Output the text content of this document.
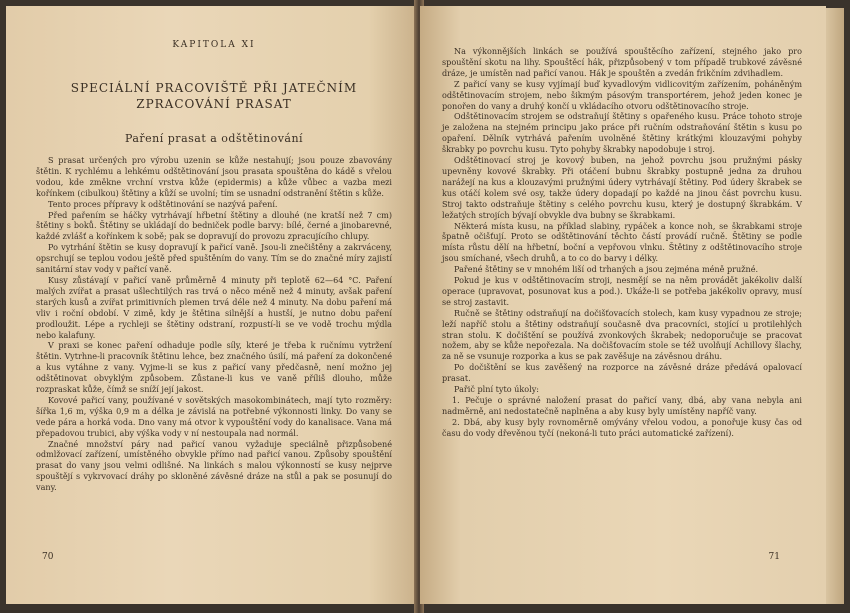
KAPITOLA XI
SPECIÁLNÍ PRACOVIŠTĚ PŘI JATEČNÍM ZPRACOVÁNÍ PRASAT
Paření prasat a odštětinování

S prasat určených pro výrobu uzenin se kůže nestahují; jsou pouze zbavovány štětin. K rychlému a lehkému odštětinování jsou prasata spouštěna do kádě s vřelou vodou, kde změkne vrchní vrstva kůže (epidermis) a kůže vůbec a vazba mezi kořínkem (cibulkou) štětiny a kůží se uvolní; tím se usnadní odstranění štětin s kůže.

Tento proces přípravy k odštětinování se nazývá paření.

Před pařením se háčky vytrhávají hřbetní štětiny a dlouhé (ne kratší než 7 cm) štětiny s boků. Štětiny se ukládají do bedniček podle barvy: bílé, černé a jinobarevné, každé zvlášť a kořínkem k sobě; pak se dopravují do provozu zpracujícího chlupy.

Po vytrhání štětin se kusy dopravují k pařicí vaně. Jsou-li znečištěny a zakrváceny, opsrchují se teplou vodou ještě před spuštěním do vany. Tím se do značné míry zajistí sanitární stav vody v pařicí vaně.

Kusy zůstávají v pařicí vaně průměrně 4 minuty při teplotě 62—64 °C. Paření malých zvířat a prasat ušlechtilých ras trvá o něco méně než 4 minuty, avšak paření starých kusů a zvířat primitivních plemen trvá déle než 4 minuty. Na dobu paření má vliv i roční období. V zimě, kdy je štětina silnější a hustší, je nutno dobu paření prodloužit. Lépe a rychleji se štětiny odstraní, rozpustí-li se ve vodě trochu mýdla nebo kalafuny.

V praxi se konec paření odhaduje podle síly, které je třeba k ručnímu vytržení štětin. Vytrhne-li pracovník štětinu lehce, bez značného úsilí, má paření za dokončené a kus vytáhne z vany. Vyjme-li se kus z pařicí vany předčasně, není možno jej odštětinovat obvyklým způsobem. Zůstane-li kus ve vaně příliš dlouho, může rozpraskat kůže, čímž se sníží její jakost.

Kovové pařicí vany, používané v sovětských masokombinátech, mají tyto rozměry: šířka 1,6 m, výška 0,9 m a délka je závislá na potřebné výkonnosti linky. Do vany se vede pára a horká voda. Dno vany má otvor k vypouštění vody do kanalisace. Vana má přepadovou trubici, aby výška vody v ní nestoupala nad normál.

Značné množství páry nad pařicí vanou vyžaduje speciálně přizpůsobené odmlžovací zařízení, umístěného obvykle přímo nad pařicí vanou. Způsoby spouštění prasat do vany jsou velmi odlišné. Na linkách s malou výkonností se kusy nejprve spouštějí s vykrvovací dráhy po skloněné závěsné dráze na stůl a pak se posunují do vany.

70

Na výkonnějších linkách se používá spouštěcího zařízení, stejného jako pro spouštění skotu na lihy. Spouštěcí hák, přizpůsobený v tom případě trubkové závěsné dráze, je umístěn nad pařicí vanou. Hák je spouštěn a zvedán frikčním zdvihadlem.

Z pařicí vany se kusy vyjímají buď kyvadlovým vidlicovitým zařízením, poháněným odštětinovacím strojem, nebo šikmým pásovým transportérem, jehož jeden konec je ponořen do vany a druhý končí u vkládacího otvoru odštětinovacího stroje.

Odštětinovacím strojem se odstraňují štětiny s opařeného kusu. Práce tohoto stroje je založena na stejném principu jako práce při ručním odstraňování štětin s kusu po opaření. Dělník vytrhává pařením uvolněné štětiny krátkými klouzavými pohyby škrabky po povrchu kusu. Tyto pohyby škrabky napodobuje i stroj.

Odštětinovací stroj je kovový buben, na jehož povrchu jsou pružnými pásky upevněny kovové škrabky. Při otáčení bubnu škrabky postupně jedna za druhou narážejí na kus a klouzavými pružnými údery vytrhávají štětiny. Pod údery škrabek se kus otáčí kolem své osy, takže údery dopadají po každé na jinou část povrchu kusu. Stroj takto odstraňuje štětiny s celého povrchu kusu, který je dostupný škrabkám. V ležatých strojích bývají obvykle dva bubny se škrabkami.

Některá místa kusu, na příklad slabiny, rypáček a konce noh, se škrabkami stroje špatně očišťují. Proto se odštětinování těchto částí provádí ručně. Štětiny se podle místa růstu dělí na hřbetní, boční a vepřovou vlnku. Štětiny z odštětinovacího stroje jsou smíchané, všech druhů, a to co do barvy i délky.

Pařené štětiny se v mnohém liší od trhaných a jsou zejména méně pružné.

Pokud je kus v odštětinovacím stroji, nesmějí se na něm provádět jakékoliv další operace (upravovat, posunovat kus a pod.). Ukáže-li se potřeba jakékoliv opravy, musí se stroj zastavit.

Ručně se štětiny odstraňují na dočišťovacích stolech, kam kusy vypadnou ze stroje; leží napříč stolu a štětiny odstraňují současně dva pracovníci, stojící u protilehlých stran stolu. K dočištění se používá zvonkových škrabek; nedoporučuje se pracovat nožem, aby se kůže nepořezala. Na dočišťovacím stole se též uvolňují Achillovy šlachy, za ně se vsunuje rozporka a kus se pak zavěšuje na závěsnou dráhu.

Po dočištění se kus zavěšený na rozporce na závěsné dráze předává opalovací prasat.

Pařič plní tyto úkoly:

1. Pečuje o správné naložení prasat do pařicí vany, dbá, aby vana nebyla ani nadměrně, ani nedostatečně naplněna a aby kusy byly umístěny napříč vany.

2. Dbá, aby kusy byly rovnoměrně omývány vřelou vodou, a ponořuje kusy čas od času do vody dřevěnou tyčí (nekoná-li tuto práci automatické zařízení).

71
